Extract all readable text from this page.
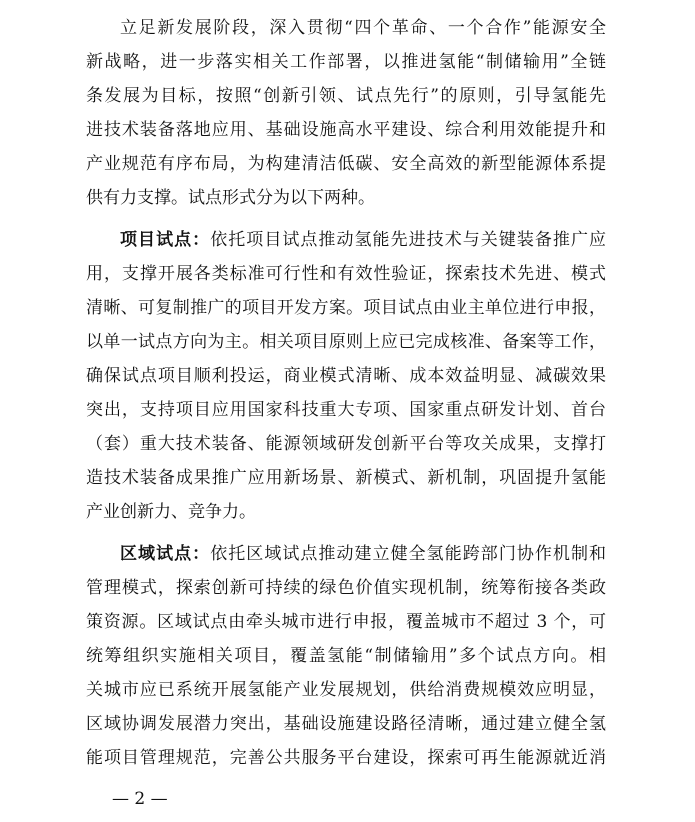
立足新发展阶段，深入贯彻“四个革命、一个合作”能源安全
新战略，进一步落实相关工作部署，以推进氢能“制储输用”全链
条发展为目标，按照“创新引领、试点先行”的原则，引导氢能先
进技术装备落地应用、基础设施高水平建设、综合利用效能提升和
产业规范有序布局，为构建清洁低碳、安全高效的新型能源体系提
供有力支撑。试点形式分为以下两种。
项目试点：依托项目试点推动氢能先进技术与关键装备推广应
用，支撑开展各类标准可行性和有效性验证，探索技术先进、模式
清晰、可复制推广的项目开发方案。项目试点由业主单位进行申报，
以单一试点方向为主。相关项目原则上应已完成核准、备案等工作，
确保试点项目顺利投运，商业模式清晰、成本效益明显、减碳效果
突出，支持项目应用国家科技重大专项、国家重点研发计划、首台
（套）重大技术装备、能源领域研发创新平台等攻关成果，支撑打
造技术装备成果推广应用新场景、新模式、新机制，巩固提升氢能
产业创新力、竞争力。
区域试点：依托区域试点推动建立健全氢能跨部门协作机制和
管理模式，探索创新可持续的绿色价值实现机制，统筹衔接各类政
策资源。区域试点由牵头城市进行申报，覆盖城市不超过 3 个，可
统筹组织实施相关项目，覆盖氢能“制储输用”多个试点方向。相
关城市应已系统开展氢能产业发展规划，供给消费规模效应明显，
区域协调发展潜力突出，基础设施建设路径清晰，通过建立健全氢
能项目管理规范，完善公共服务平台建设，探索可再生能源就近消
— 2 —
